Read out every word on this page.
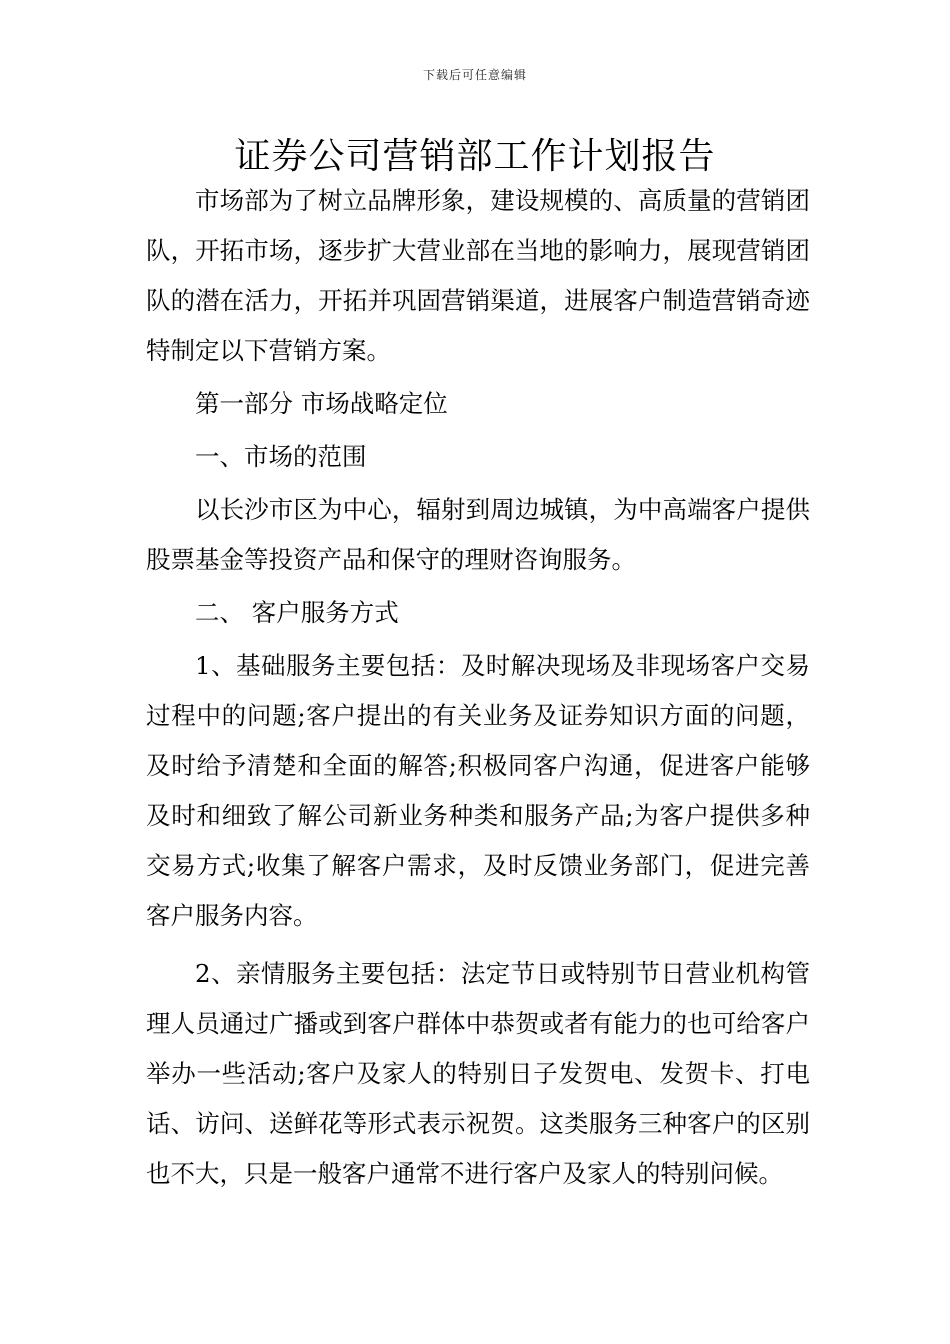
下载后可任意编辑
证券公司营销部工作计划报告

市场部为了树立品牌形象，建设规模的、高质量的营销团队，开拓市场，逐步扩大营业部在当地的影响力，展现营销团队的潜在活力，开拓并巩固营销渠道，进展客户制造营销奇迹特制定以下营销方案。

第一部分 市场战略定位

一、市场的范围

以长沙市区为中心，辐射到周边城镇，为中高端客户提供股票基金等投资产品和保守的理财咨询服务。

二、 客户服务方式

1、基础服务主要包括：及时解决现场及非现场客户交易过程中的问题;客户提出的有关业务及证券知识方面的问题，及时给予清楚和全面的解答;积极同客户沟通，促进客户能够及时和细致了解公司新业务种类和服务产品;为客户提供多种交易方式;收集了解客户需求，及时反馈业务部门，促进完善客户服务内容。

2、亲情服务主要包括：法定节日或特别节日营业机构管理人员通过广播或到客户群体中恭贺或者有能力的也可给客户举办一些活动;客户及家人的特别日子发贺电、发贺卡、打电话、访问、送鲜花等形式表示祝贺。这类服务三种客户的区别也不大，只是一般客户通常不进行客户及家人的特别问候。
